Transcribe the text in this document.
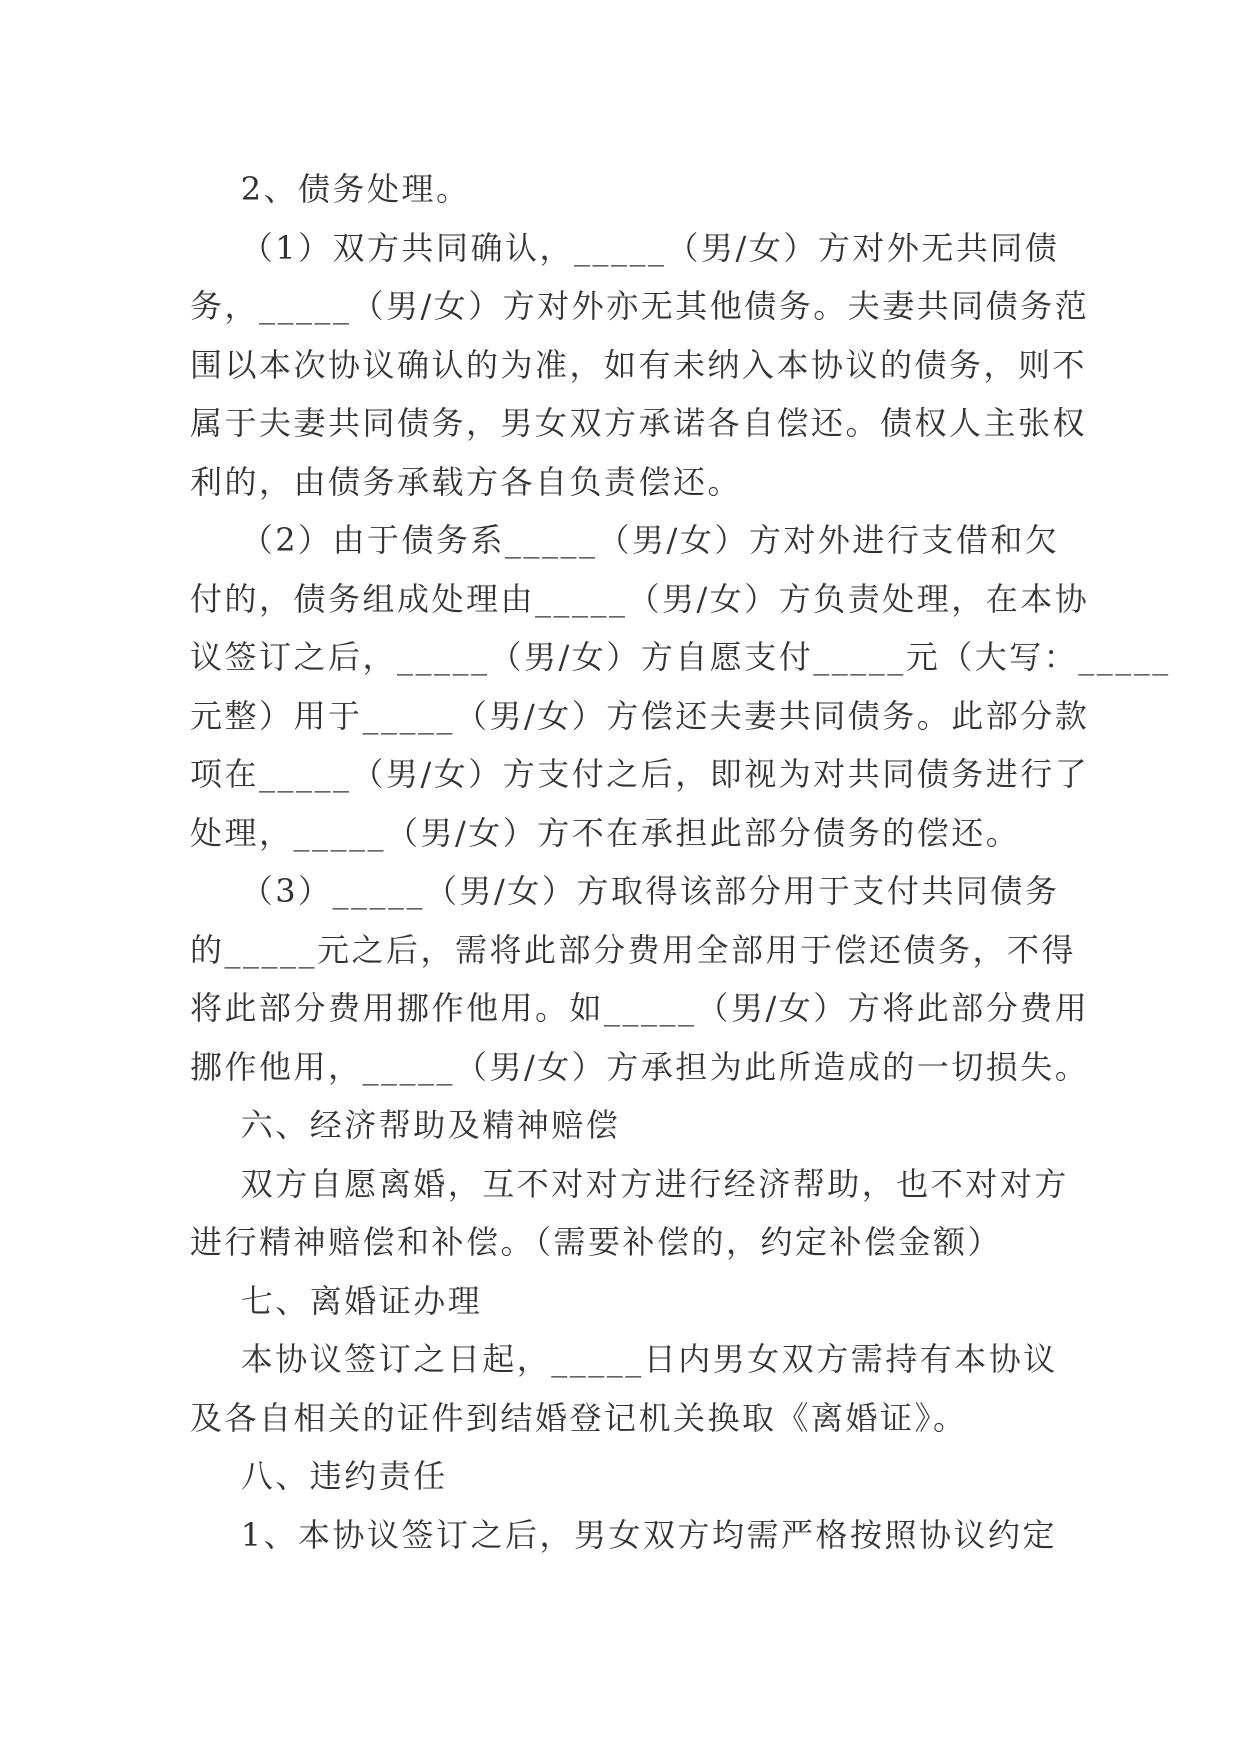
2、债务处理。
（1）双方共同确认，_____（男/女）方对外无共同债
务，_____（男/女）方对外亦无其他债务。夫妻共同债务范
围以本次协议确认的为准，如有未纳入本协议的债务，则不
属于夫妻共同债务，男女双方承诺各自偿还。债权人主张权
利的，由债务承载方各自负责偿还。
（2）由于债务系_____（男/女）方对外进行支借和欠
付的，债务组成处理由_____（男/女）方负责处理，在本协
议签订之后，_____（男/女）方自愿支付_____元（大写：_____
元整）用于_____（男/女）方偿还夫妻共同债务。此部分款
项在_____（男/女）方支付之后，即视为对共同债务进行了
处理，_____（男/女）方不在承担此部分债务的偿还。
（3）_____（男/女）方取得该部分用于支付共同债务
的_____元之后，需将此部分费用全部用于偿还债务，不得
将此部分费用挪作他用。如_____（男/女）方将此部分费用
挪作他用，_____（男/女）方承担为此所造成的一切损失。
六、经济帮助及精神赔偿
双方自愿离婚，互不对对方进行经济帮助，也不对对方
进行精神赔偿和补偿。（需要补偿的，约定补偿金额）
七、离婚证办理
本协议签订之日起，_____日内男女双方需持有本协议
及各自相关的证件到结婚登记机关换取《离婚证》。
八、违约责任
1、本协议签订之后，男女双方均需严格按照协议约定
